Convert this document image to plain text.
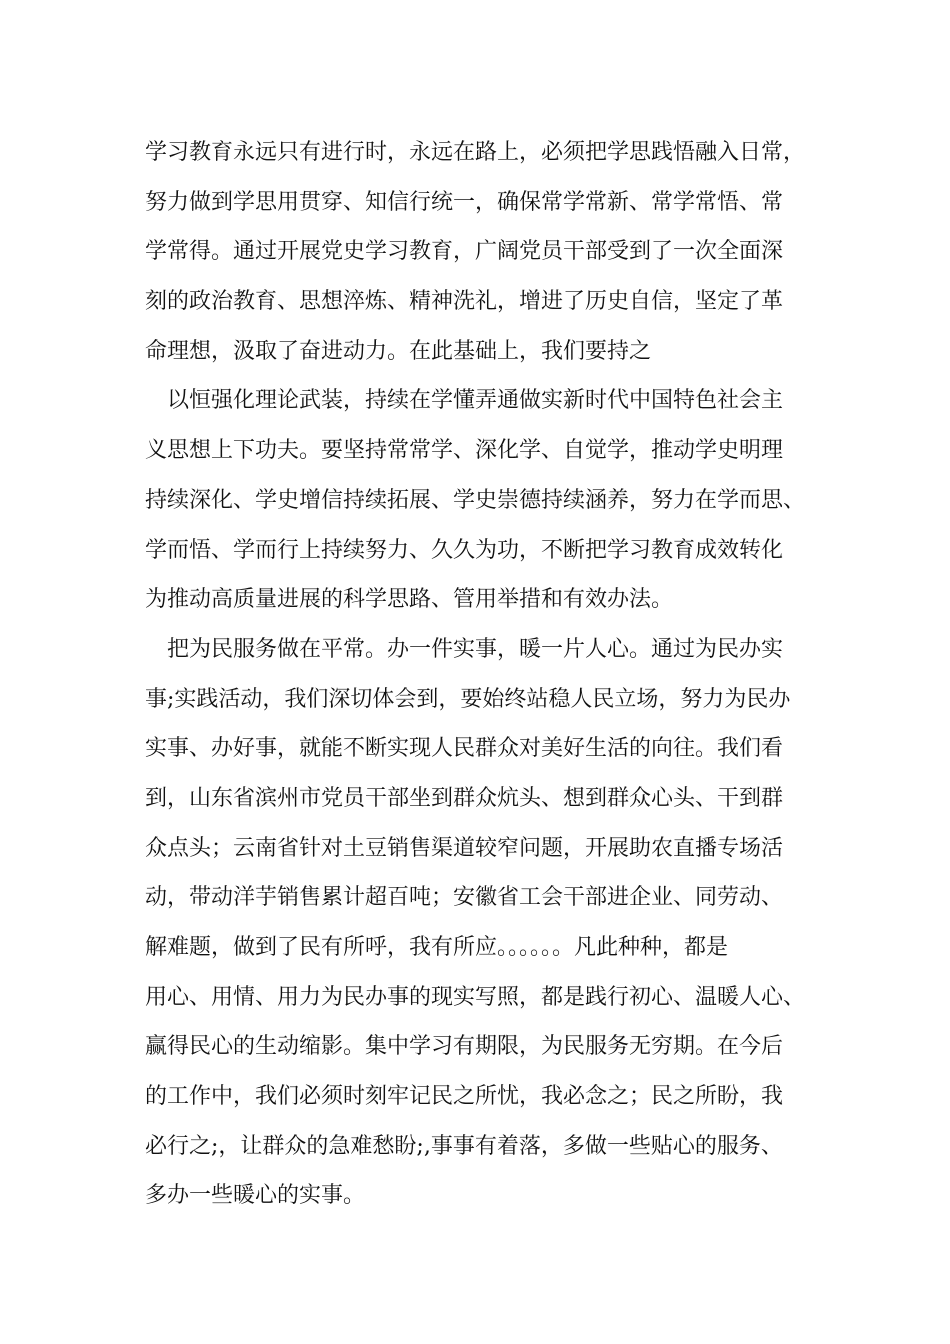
学习教育永远只有进行时，永远在路上，必须把学思践悟融入日常，
努力做到学思用贯穿、知信行统一，确保常学常新、常学常悟、常
学常得。通过开展党史学习教育，广阔党员干部受到了一次全面深
刻的政治教育、思想淬炼、精神洗礼，增进了历史自信，坚定了革
命理想，汲取了奋进动力。在此基础上，我们要持之
以恒强化理论武装，持续在学懂弄通做实新时代中国特色社会主
义思想上下功夫。要坚持常常学、深化学、自觉学，推动学史明理
持续深化、学史增信持续拓展、学史崇德持续涵养，努力在学而思、
学而悟、学而行上持续努力、久久为功，不断把学习教育成效转化
为推动高质量进展的科学思路、管用举措和有效办法。
把为民服务做在平常。办一件实事，暖一片人心。通过为民办实
事;实践活动，我们深切体会到，要始终站稳人民立场，努力为民办
实事、办好事，就能不断实现人民群众对美好生活的向往。我们看
到，山东省滨州市党员干部坐到群众炕头、想到群众心头、干到群
众点头；云南省针对土豆销售渠道较窄问题，开展助农直播专场活
动，带动洋芋销售累计超百吨；安徽省工会干部进企业、同劳动、
解难题，做到了民有所呼，我有所应。。。。。。凡此种种，都是
用心、用情、用力为民办事的现实写照，都是践行初心、温暖人心、
赢得民心的生动缩影。集中学习有期限，为民服务无穷期。在今后
的工作中，我们必须时刻牢记民之所忧，我必念之；民之所盼，我
必行之;，让群众的急难愁盼;,事事有着落，多做一些贴心的服务、
多办一些暖心的实事。
